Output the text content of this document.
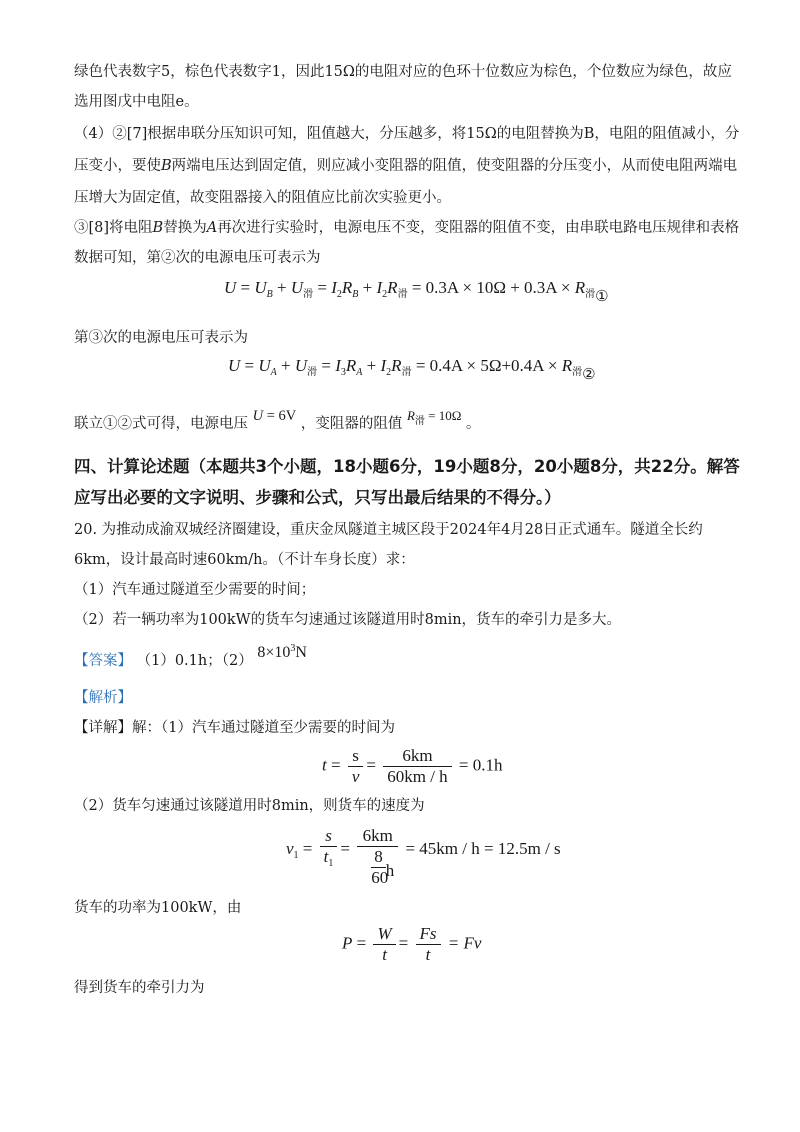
绿色代表数字5，棕色代表数字1，因此15Ω的电阻对应的色环十位数应为棕色，个位数应为绿色，故应
选用图戊中电阻e。
（4）②[7]根据串联分压知识可知，阻值越大，分压越多，将15Ω的电阻替换为B，电阻的阻值减小，分
压变小，要使B两端电压达到固定值，则应减小变阻器的阻值，使变阻器的分压变小，从而使电阻两端电
压增大为固定值，故变阻器接入的阻值应比前次实验更小。
③[8]将电阻B替换为A再次进行实验时，电源电压不变，变阻器的阻值不变，由串联电路电压规律和表格
数据可知，第②次的电源电压可表示为
$U = U_B + U_滑 = I_2R_B + I_2R_滑 = 0.3A \times 10\Omega + 0.3A$ × $R_滑①$
第③次的电源电压可表示为
$U = U_A + U_滑 = I_3R_A + I_2R_滑 = 0.4A \times 5\Omega+0.4A$ × $R_滑②$
联立①②式可得，电源电压 U = 6V ，变阻器的阻值 $R_滑 = 10\Omega$ 。
四、计算论述题（本题共3个小题，18小题6分，19小题8分，20小题8分，共22分。解答
应写出必要的文字说明、步骤和公式，只写出最后结果的不得分。）
20. 为推动成渝双城经济圈建设，重庆金凤隧道主城区段于2024年4月28日正式通车。隧道全长约
6km，设计最高时速60km/h。（不计车身长度）求：
（1）汽车通过隧道至少需要的时间；
（2）若一辆功率为100kW的货车匀速通过该隧道用时8min，货车的牵引力是多大。
【答案】 （1）0.1h；（2） $8\times 10^3N$
【解析】
【详解】解：（1）汽车通过隧道至少需要的时间为
$t = \frac{s}{v} = \frac{6km}{60km / h} = 0.1h$
（2）货车匀速通过该隧道用时8min，则货车的速度为
$v_1 = \frac{s}{t_1}$ =
6km
8h
60
= 45km / h = 12.5m / s
货车的功率为100kW，由
$P = \frac{W}{t} = \frac{Fs}{t} = Fv$
得到货车的牵引力为
